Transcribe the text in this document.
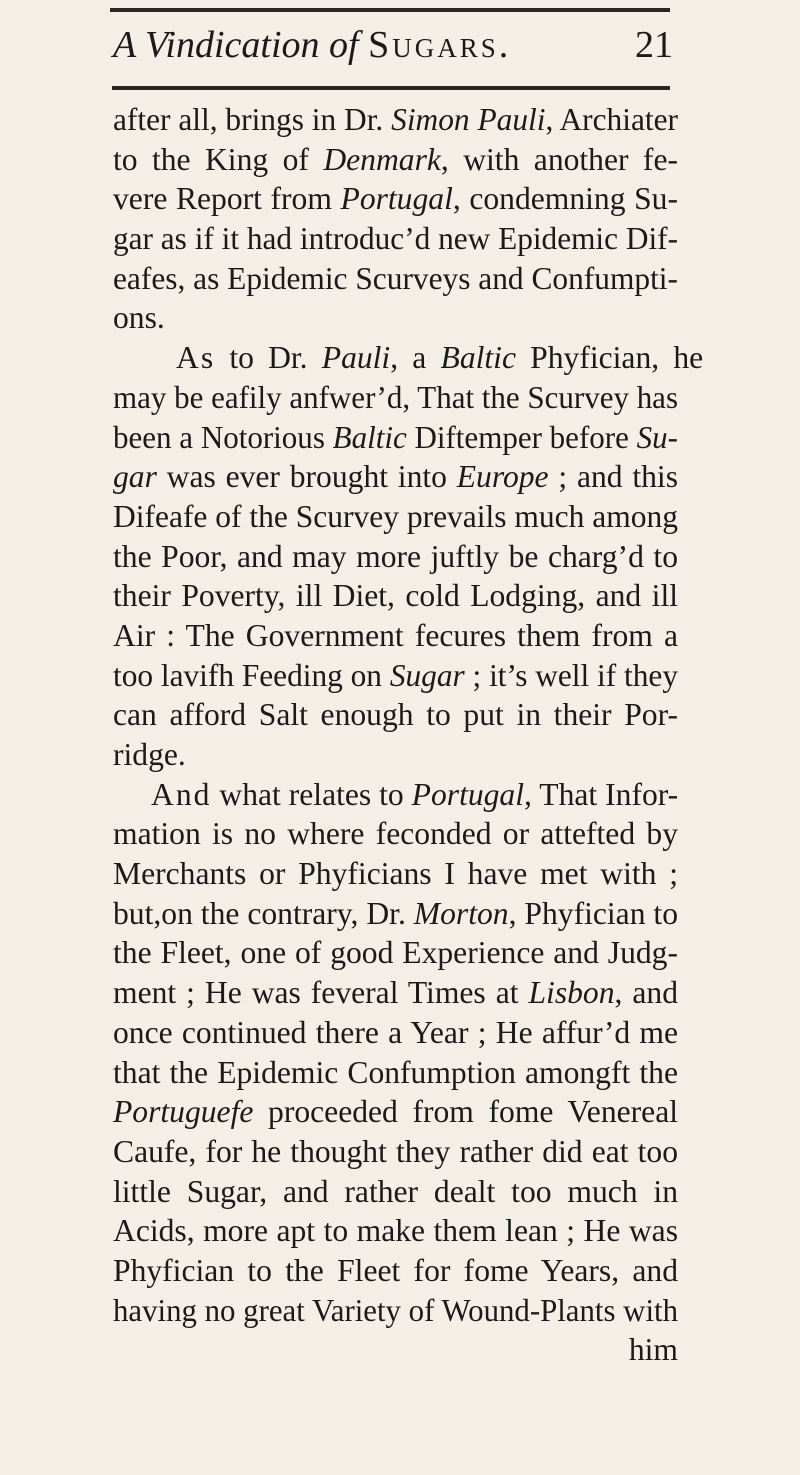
A Vindication of Sugars.	21
after all, brings in Dr. Simon Pauli, Archiater
to the King of Denmark, with another fe-
vere Report from Portugal, condemning Su-
gar as if it had introduc’d new Epidemic Dif-
eafes, as Epidemic Scurveys and Confumpti-
ons.
As to Dr. Pauli, a Baltic Phyfician, he
may be eafily anfwer’d, That the Scurvey has
been a Notorious Baltic Diftemper before Su-
gar was ever brought into Europe ; and this
Difeafe of the Scurvey prevails much among
the Poor, and may more juftly be charg’d to
their Poverty, ill Diet, cold Lodging, and ill
Air : The Government fecures them from a
too lavifh Feeding on Sugar ; it’s well if they
can afford Salt enough to put in their Por-
ridge.
And what relates to Portugal, That Infor-
mation is no where feconded or attefted by
Merchants or Phyficians I have met with ;
but,on the contrary, Dr. Morton, Phyfician to
the Fleet, one of good Experience and Judg-
ment ; He was feveral Times at Lisbon, and
once continued there a Year ; He affur’d me
that the Epidemic Confumption amongft the
Portuguefe proceeded from fome Venereal
Caufe, for he thought they rather did eat too
little Sugar, and rather dealt too much in
Acids, more apt to make them lean ; He was
Phyfician to the Fleet for fome Years, and
having no great Variety of Wound-Plants with
him
